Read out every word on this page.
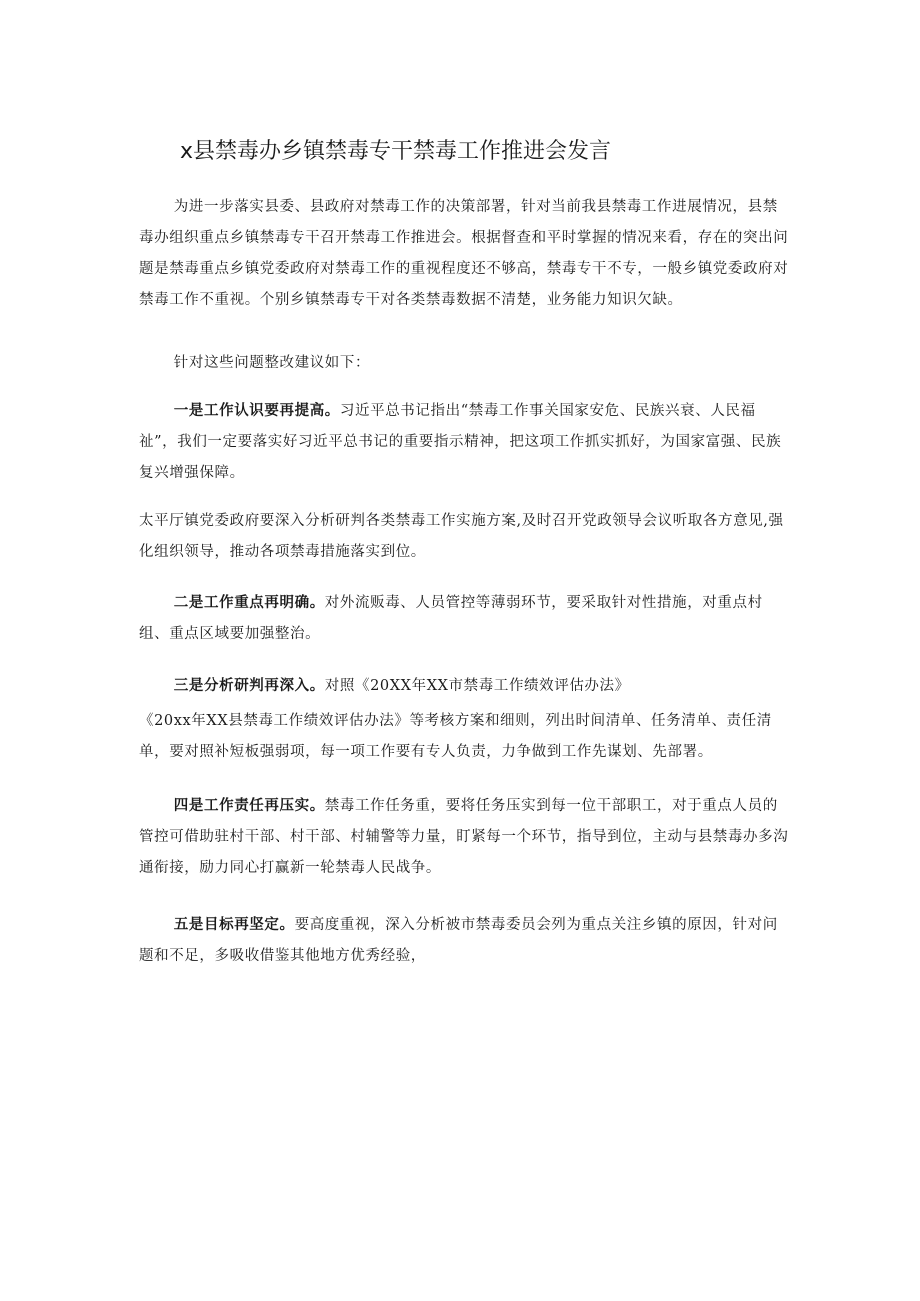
x县禁毒办乡镇禁毒专干禁毒工作推进会发言

为进一步落实县委、县政府对禁毒工作的决策部署，针对当前我县禁毒工作进展情况，县禁毒办组织重点乡镇禁毒专干召开禁毒工作推进会。根据督查和平时掌握的情况来看，存在的突出问题是禁毒重点乡镇党委政府对禁毒工作的重视程度还不够高，禁毒专干不专，一般乡镇党委政府对禁毒工作不重视。个别乡镇禁毒专干对各类禁毒数据不清楚，业务能力知识欠缺。

针对这些问题整改建议如下：

一是工作认识要再提高。习近平总书记指出“禁毒工作事关国家安危、民族兴衰、人民福祉”，我们一定要落实好习近平总书记的重要指示精神，把这项工作抓实抓好，为国家富强、民族复兴增强保障。

太平厅镇党委政府要深入分析研判各类禁毒工作实施方案,及时召开党政领导会议听取各方意见,强化组织领导，推动各项禁毒措施落实到位。

二是工作重点再明确。对外流贩毒、人员管控等薄弱环节，要采取针对性措施，对重点村组、重点区域要加强整治。

三是分析研判再深入。对照《20XX年XX市禁毒工作绩效评估办法》

《20xx年XX县禁毒工作绩效评估办法》等考核方案和细则，列出时间清单、任务清单、责任清单，要对照补短板强弱项，每一项工作要有专人负责，力争做到工作先谋划、先部署。

四是工作责任再压实。禁毒工作任务重，要将任务压实到每一位干部职工，对于重点人员的管控可借助驻村干部、村干部、村辅警等力量，盯紧每一个环节，指导到位，主动与县禁毒办多沟通衔接，励力同心打赢新一轮禁毒人民战争。

五是目标再坚定。要高度重视，深入分析被市禁毒委员会列为重点关注乡镇的原因，针对问题和不足，多吸收借鉴其他地方优秀经验，
